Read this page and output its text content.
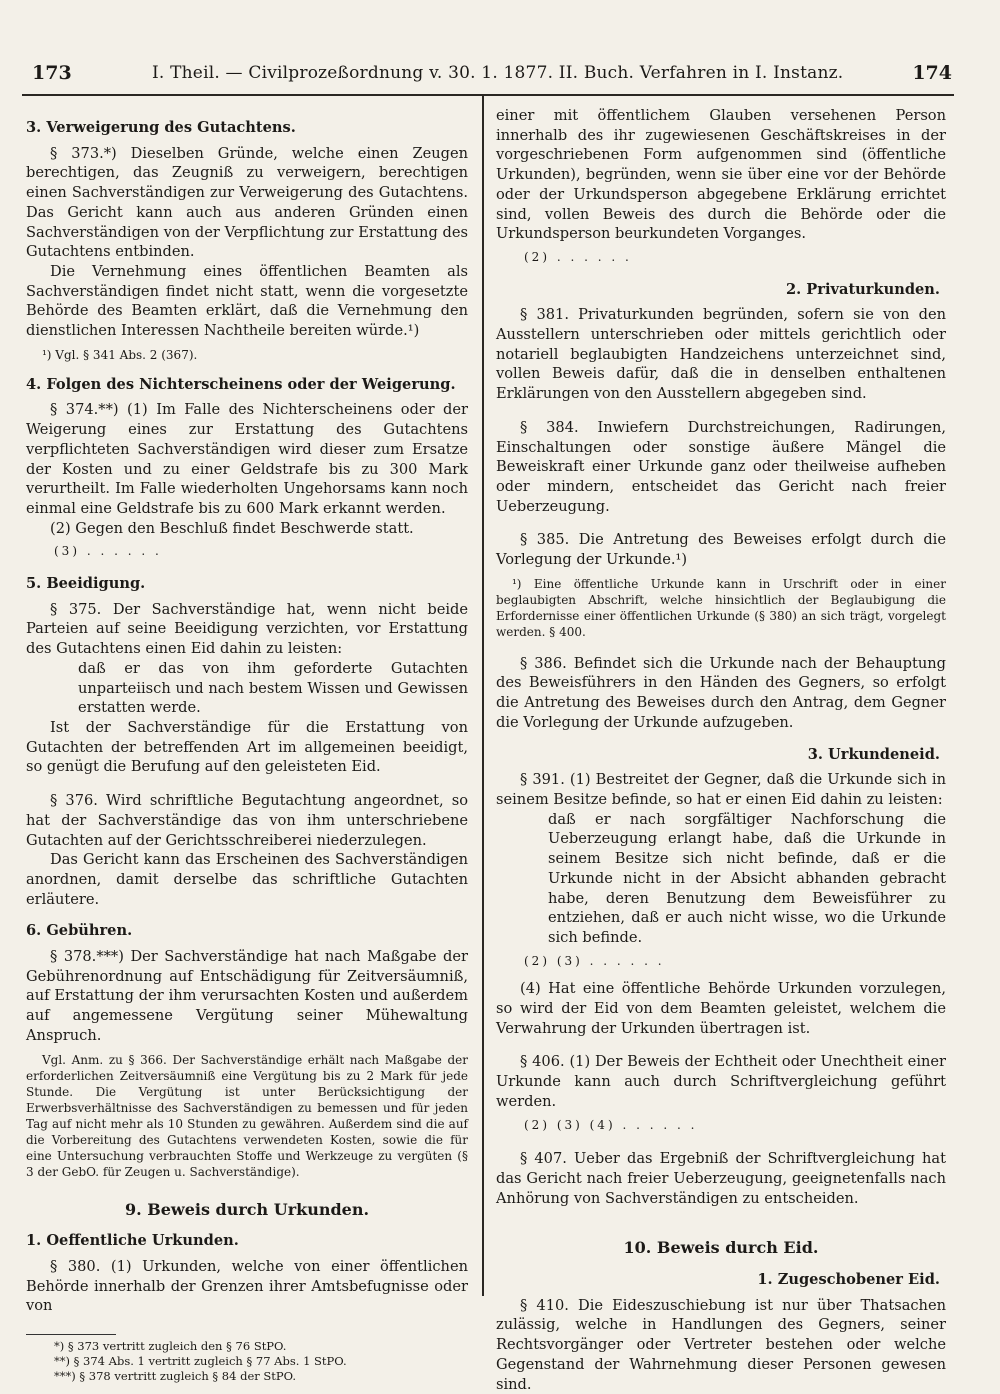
173	I. Theil. — Civilprozeßordnung v. 30. 1. 1877. II. Buch. Verfahren in I. Instanz.	174
3. Verweigerung des Gutachtens.

§ 373.*) Dieselben Gründe, welche einen Zeugen berechtigen, das Zeugniß zu verweigern, berechtigen einen Sachverständigen zur Verweigerung des Gutachtens. Das Gericht kann auch aus anderen Gründen einen Sachverständigen von der Verpflichtung zur Erstattung des Gutachtens entbinden.

Die Vernehmung eines öffentlichen Beamten als Sachverständigen findet nicht statt, wenn die vorgesetzte Behörde des Beamten erklärt, daß die Vernehmung den dienstlichen Interessen Nachtheile bereiten würde.¹)

¹) Vgl. § 341 Abs. 2 (367).

4. Folgen des Nichterscheinens oder der Weigerung.

§ 374.**) (1) Im Falle des Nichterscheinens oder der Weigerung eines zur Erstattung des Gutachtens verpflichteten Sachverständigen wird dieser zum Ersatze der Kosten und zu einer Geldstrafe bis zu 300 Mark verurtheilt. Im Falle wiederholten Ungehorsams kann noch einmal eine Geldstrafe bis zu 600 Mark erkannt werden.

(2) Gegen den Beschluß findet Beschwerde statt.

(3) . . . . . .

5. Beeidigung.

§ 375. Der Sachverständige hat, wenn nicht beide Parteien auf seine Beeidigung verzichten, vor Erstattung des Gutachtens einen Eid dahin zu leisten:

daß er das von ihm geforderte Gutachten unparteiisch und nach bestem Wissen und Gewissen erstatten werde.

Ist der Sachverständige für die Erstattung von Gutachten der betreffenden Art im allgemeinen beeidigt, so genügt die Berufung auf den geleisteten Eid.

§ 376. Wird schriftliche Begutachtung angeordnet, so hat der Sachverständige das von ihm unterschriebene Gutachten auf der Gerichtsschreiberei niederzulegen.

Das Gericht kann das Erscheinen des Sachverständigen anordnen, damit derselbe das schriftliche Gutachten erläutere.

6. Gebühren.

§ 378.***) Der Sachverständige hat nach Maßgabe der Gebührenordnung auf Entschädigung für Zeitversäumniß, auf Erstattung der ihm verursachten Kosten und außerdem auf angemessene Vergütung seiner Mühewaltung Anspruch.

Vgl. Anm. zu § 366. Der Sachverständige erhält nach Maßgabe der erforderlichen Zeitversäumniß eine Vergütung bis zu 2 Mark für jede Stunde. Die Vergütung ist unter Berücksichtigung der Erwerbsverhältnisse des Sachverständigen zu bemessen und für jeden Tag auf nicht mehr als 10 Stunden zu gewähren. Außerdem sind die auf die Vorbereitung des Gutachtens verwendeten Kosten, sowie die für eine Untersuchung verbrauchten Stoffe und Werkzeuge zu vergüten (§ 3 der GebO. für Zeugen u. Sachverständige).

9. Beweis durch Urkunden.
1. Oeffentliche Urkunden.

§ 380. (1) Urkunden, welche von einer öffentlichen Behörde innerhalb der Grenzen ihrer Amtsbefugnisse oder von

*) § 373 vertritt zugleich den § 76 StPO.

**) § 374 Abs. 1 vertritt zugleich § 77 Abs. 1 StPO.

***) § 378 vertritt zugleich § 84 der StPO.

einer mit öffentlichem Glauben versehenen Person innerhalb des ihr zugewiesenen Geschäftskreises in der vorgeschriebenen Form aufgenommen sind (öffentliche Urkunden), begründen, wenn sie über eine vor der Behörde oder der Urkundsperson abgegebene Erklärung errichtet sind, vollen Beweis des durch die Behörde oder die Urkundsperson beurkundeten Vorganges.

(2) . . . . . .

2. Privaturkunden.

§ 381. Privaturkunden begründen, sofern sie von den Ausstellern unterschrieben oder mittels gerichtlich oder notariell beglaubigten Handzeichens unterzeichnet sind, vollen Beweis dafür, daß die in denselben enthaltenen Erklärungen von den Ausstellern abgegeben sind.

§ 384. Inwiefern Durchstreichungen, Radirungen, Einschaltungen oder sonstige äußere Mängel die Beweiskraft einer Urkunde ganz oder theilweise aufheben oder mindern, entscheidet das Gericht nach freier Ueberzeugung.

§ 385. Die Antretung des Beweises erfolgt durch die Vorlegung der Urkunde.¹)

¹) Eine öffentliche Urkunde kann in Urschrift oder in einer beglaubigten Abschrift, welche hinsichtlich der Beglaubigung die Erfordernisse einer öffentlichen Urkunde (§ 380) an sich trägt, vorgelegt werden. § 400.

§ 386. Befindet sich die Urkunde nach der Behauptung des Beweisführers in den Händen des Gegners, so erfolgt die Antretung des Beweises durch den Antrag, dem Gegner die Vorlegung der Urkunde aufzugeben.

3. Urkundeneid.

§ 391. (1) Bestreitet der Gegner, daß die Urkunde sich in seinem Besitze befinde, so hat er einen Eid dahin zu leisten:

daß er nach sorgfältiger Nachforschung die Ueberzeugung erlangt habe, daß die Urkunde in seinem Besitze sich nicht befinde, daß er die Urkunde nicht in der Absicht abhanden gebracht habe, deren Benutzung dem Beweisführer zu entziehen, daß er auch nicht wisse, wo die Urkunde sich befinde.

(2) (3) . . . . . .

(4) Hat eine öffentliche Behörde Urkunden vorzulegen, so wird der Eid von dem Beamten geleistet, welchem die Verwahrung der Urkunden übertragen ist.

§ 406. (1) Der Beweis der Echtheit oder Unechtheit einer Urkunde kann auch durch Schriftvergleichung geführt werden.

(2) (3) (4) . . . . . .

§ 407. Ueber das Ergebniß der Schriftvergleichung hat das Gericht nach freier Ueberzeugung, geeignetenfalls nach Anhörung von Sachverständigen zu entscheiden.

10. Beweis durch Eid.
1. Zugeschobener Eid.

§ 410. Die Eideszuschiebung ist nur über Thatsachen zulässig, welche in Handlungen des Gegners, seiner Rechtsvorgänger oder Vertreter bestehen oder welche Gegenstand der Wahrnehmung dieser Personen gewesen sind.
